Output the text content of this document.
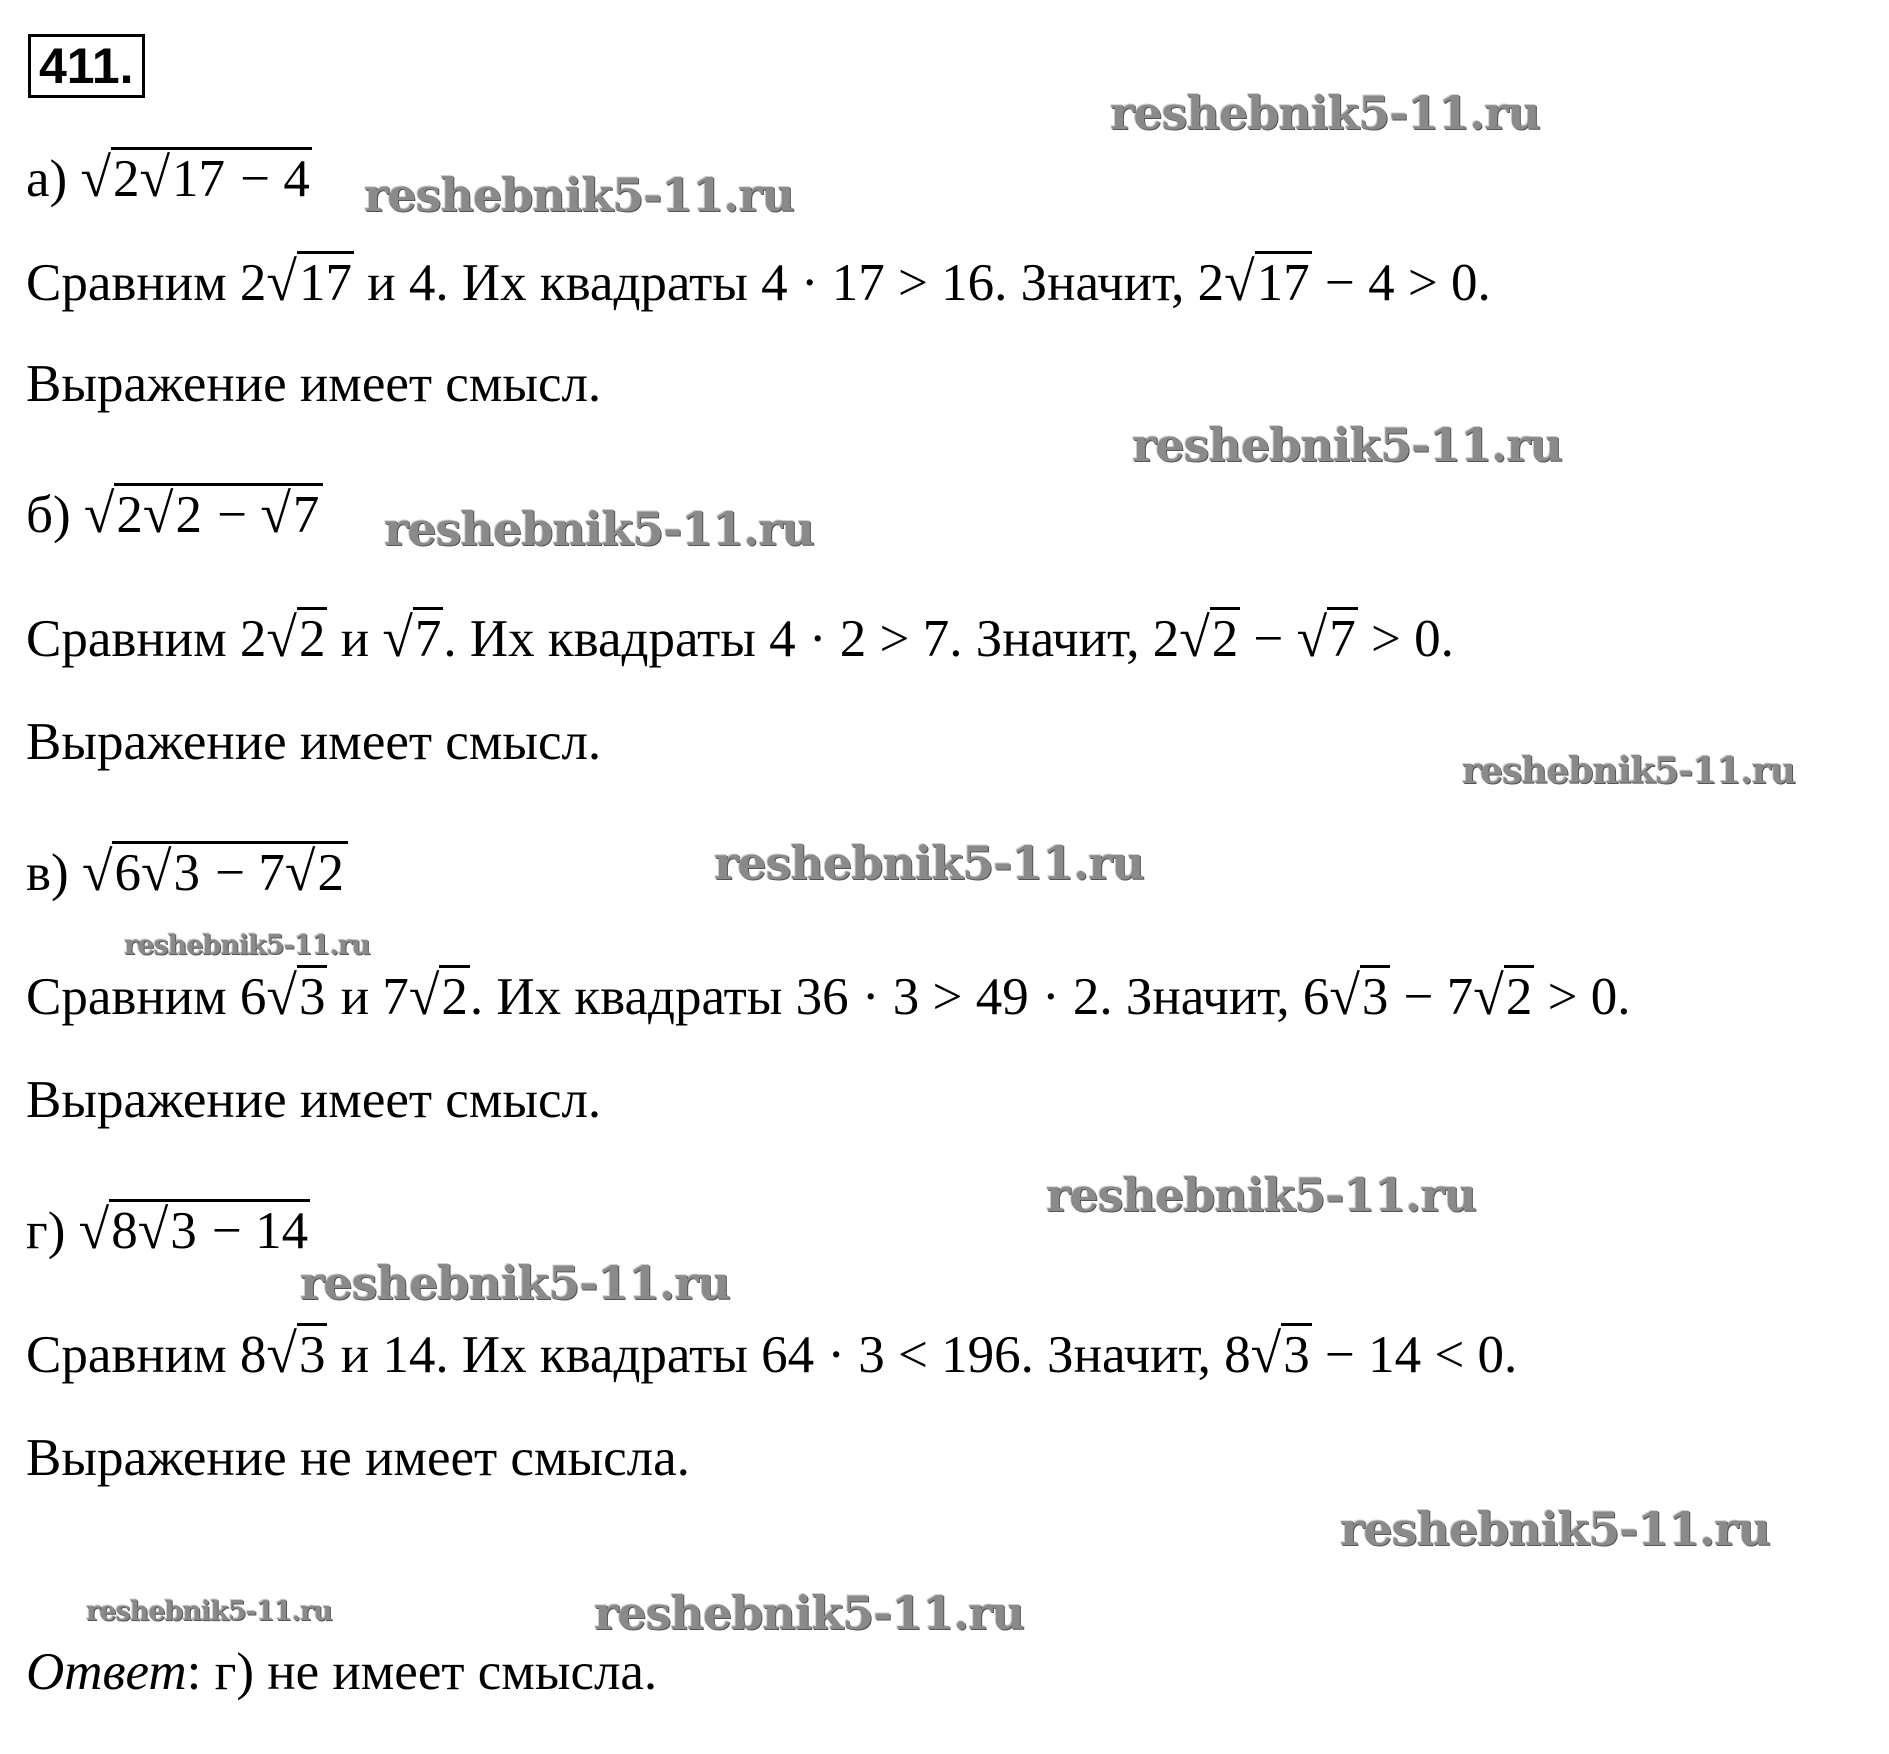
411.
а) √2√17 − 4
Сравним 2√17 и 4. Их квадраты 4 · 17 > 16. Значит, 2√17 − 4 > 0.
Выражение имеет смысл.
б) √2√2 − √7
Сравним 2√2 и √7. Их квадраты 4 · 2 > 7. Значит, 2√2 − √7 > 0.
Выражение имеет смысл.
в) √6√3 − 7√2
Сравним 6√3 и 7√2. Их квадраты 36 · 3 > 49 · 2. Значит, 6√3 − 7√2 > 0.
Выражение имеет смысл.
г) √8√3 − 14
Сравним 8√3 и 14. Их квадраты 64 · 3 < 196. Значит, 8√3 − 14 < 0.
Выражение не имеет смысла.
Ответ: г) не имеет смысла.
reshebnik5-11.ru
reshebnik5-11.ru
reshebnik5-11.ru
reshebnik5-11.ru
reshebnik5-11.ru
reshebnik5-11.ru
reshebnik5-11.ru
reshebnik5-11.ru
reshebnik5-11.ru
reshebnik5-11.ru
reshebnik5-11.ru	reshebnik5-11.ru
